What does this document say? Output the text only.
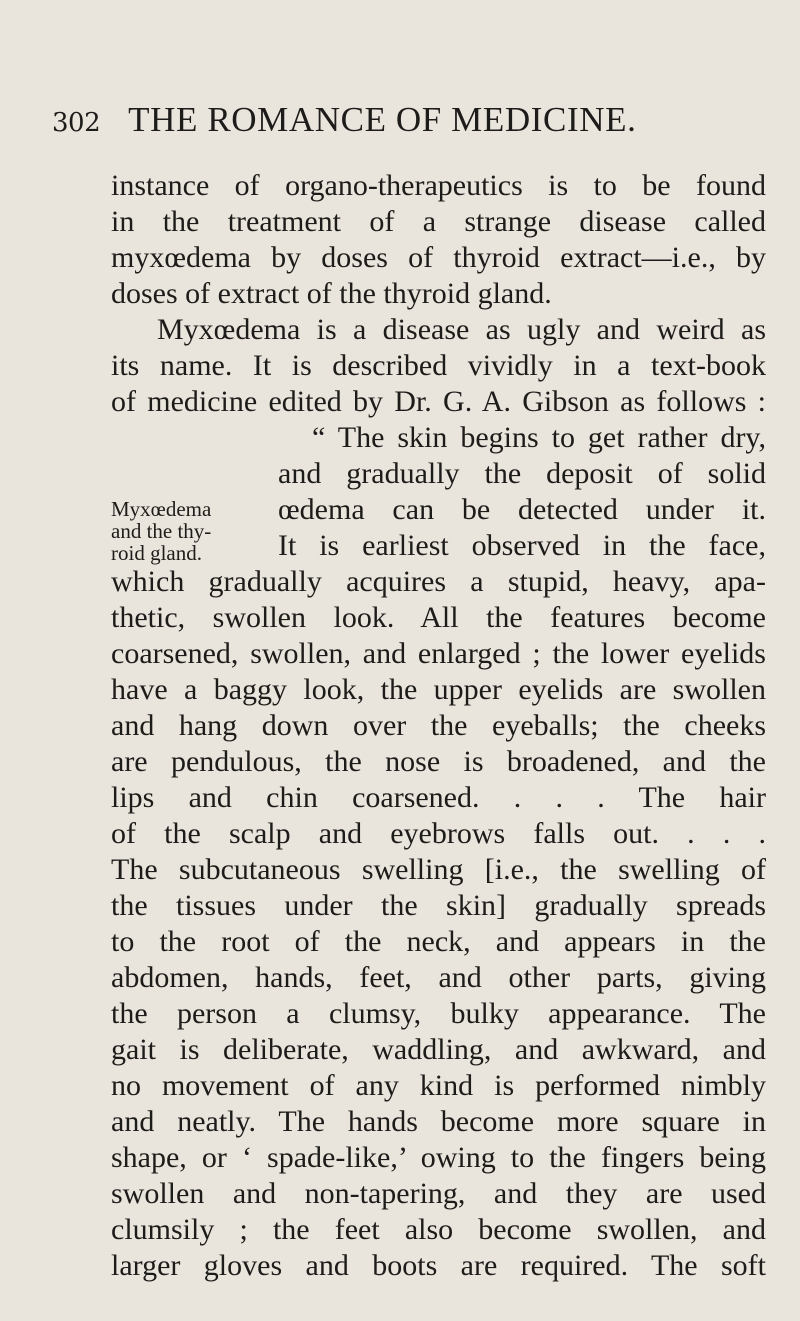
302 THE ROMANCE OF MEDICINE.
Myxœdema
and the thy-
roid gland.
instance of organo-therapeutics is to be found
in the treatment of a strange disease called
myxœdema by doses of thyroid extract—i.e., by
doses of extract of the thyroid gland.
Myxœdema is a disease as ugly and weird as
its name. It is described vividly in a text-book
of medicine edited by Dr. G. A. Gibson as follows :
“ The skin begins to get rather dry,
and gradually the deposit of solid
œdema can be detected under it.
It is earliest observed in the face,
which gradually acquires a stupid, heavy, apa-
thetic, swollen look. All the features become
coarsened, swollen, and enlarged ; the lower eyelids
have a baggy look, the upper eyelids are swollen
and hang down over the eyeballs; the cheeks
are pendulous, the nose is broadened, and the
lips and chin coarsened. . . . The hair
of the scalp and eyebrows falls out. . . .
The subcutaneous swelling [i.e., the swelling of
the tissues under the skin] gradually spreads
to the root of the neck, and appears in the
abdomen, hands, feet, and other parts, giving
the person a clumsy, bulky appearance. The
gait is deliberate, waddling, and awkward, and
no movement of any kind is performed nimbly
and neatly. The hands become more square in
shape, or ‘ spade-like,’ owing to the fingers being
swollen and non-tapering, and they are used
clumsily ; the feet also become swollen, and
larger gloves and boots are required. The soft
